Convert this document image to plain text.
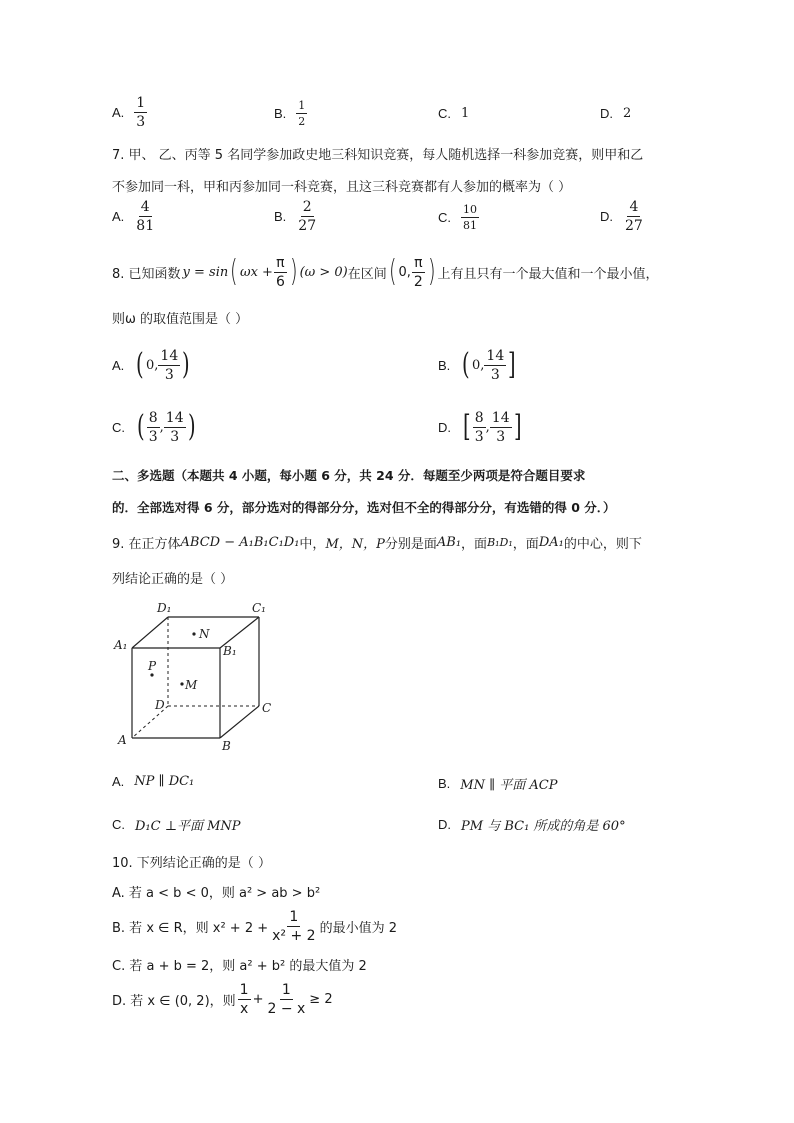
A. $\frac{1}{3}$	B. $\frac{1}{2}$	C. 1	D. 2
7. 甲、 乙、丙等 5 名同学参加政史地三科知识竞赛，每人随机选择一科参加竞赛，则甲和乙
不参加同一科，甲和丙参加同一科竞赛，且这三科竞赛都有人参加的概率为（ ）
A. $\frac{4}{81}$	B. $\frac{2}{27}$	C. $\frac{10}{81}$	D. $\frac{4}{27}$
8. 已知函数 y = sin ( $\omega x + \frac{\pi}{6}$ ) (ω > 0) 在区间 ( 0, $\frac{\pi}{2}$ ) 上有且只有一个最大值和一个最小值，
则ω 的取值范围是（ ）
A. ( 0, $\frac{14}{3}$ )	B. ( 0, $\frac{14}{3}$ ]
C. ( $\frac{8}{3}$ , $\frac{14}{3}$ )	D. [ $\frac{8}{3}$ , $\frac{14}{3}$ ]
二、多选题（本题共 4 小题，每小题 6 分，共 24 分．每题至少两项是符合题目要求
的．全部选对得 6 分，部分选对的得部分分，选对但不全的得部分分，有选错的得 0 分．）
9. 在正方体 ABCD − A₁B₁C₁D₁ 中， M，N，P 分别是面 AB₁ ，面 B₁D₁ ，面 DA₁ 的中心，则下
列结论正确的是（ ）
D₁	C₁
A₁	B₁
N
P
M
D	C
A	B
A. NP ∥ DC₁	B. MN ∥ 平面 ACP
C. D₁C ⊥平面 MNP	D. PM 与 BC₁ 所成的角是 60°
10. 下列结论正确的是（ ）
A. 若 a < b < 0，则 a² > ab > b²
B. 若 x ∈ R，则 $x^2 + 2 + \frac{1}{\text{x² + 2}}$ 的最小值为 2
C. 若 a + b = 2，则 a² + b² 的最大值为 2
D. 若 x ∈ (0, 2)，则 $\frac{1}{x} + \frac{1}{2 - x} \ge 2$
